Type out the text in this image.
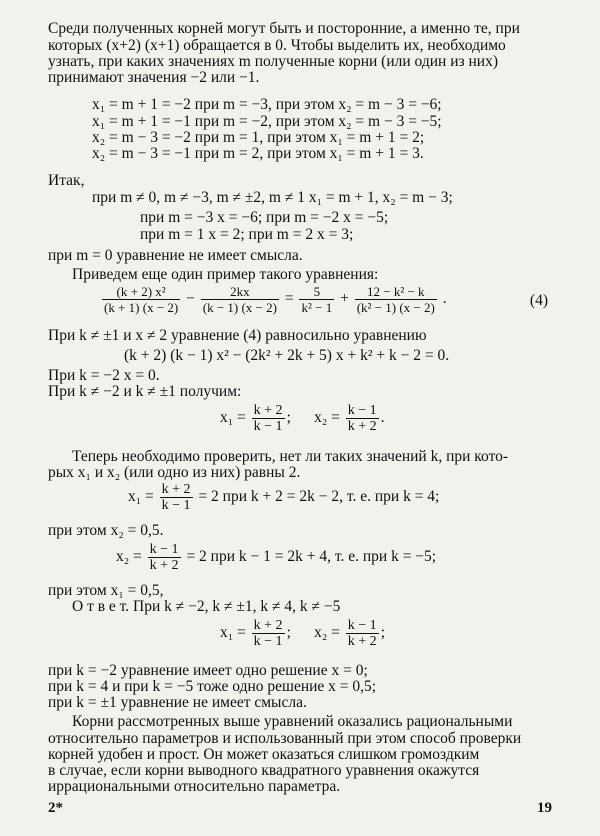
Среди полученных корней могут быть и посторонние, а именно те, при
которых (x+2) (x+1) обращается в 0. Чтобы выделить их, необходимо
узнать, при каких значениях m полученные корни (или один из них)
принимают значения −2 или −1.
x₁ = m + 1 = −2 при m = −3, при этом x₂ = m − 3 = −6;
x₁ = m + 1 = −1 при m = −2, при этом x₂ = m − 3 = −5;
x₂ = m − 3 = −2 при m = 1, при этом x₁ = m + 1 = 2;
x₂ = m − 3 = −1 при m = 2, при этом x₁ = m + 1 = 3.
Итак,
при m ≠ 0, m ≠ −3, m ≠ ±2, m ≠ 1 x₁ = m + 1, x₂ = m − 3;
при m = −3 x = −6; при m = −2 x = −5;
при m = 1 x = 2; при m = 2 x = 3;
при m = 0 уравнение не имеет смысла.
Приведем еще один пример такого уравнения:
$\frac{\text{(k + 2) x²}}{(k + 1) (x - 2)} - \frac{2kx}{(k - 1) (x - 2)} = \frac{5}{\text{k² − 1}} + \frac{\text{12 − k² − k}}{\text{(k² − 1) (x − 2)}}$ .	(4)
При k ≠ ±1 и x ≠ 2 уравнение (4) равносильно уравнению
(k + 2) (k − 1) x² − (2k² + 2k + 5) x + k² + k − 2 = 0.
При k = −2 x = 0.
При k ≠ −2 и k ≠ ±1 получим:
$x_1 = \frac{k + 2}{k - 1}$ ; $x_2 = \frac{k - 1}{k + 2}$ .
Теперь необходимо проверить, нет ли таких значений k, при кото-
рых x₁ и x₂ (или одно из них) равны 2.
$x_1 = \frac{k + 2}{k - 1} = 2$ при k + 2 = 2k − 2, т. е. при k = 4;
при этом x₂ = 0,5.
$x_2 = \frac{k - 1}{k + 2} = 2$ при k − 1 = 2k + 4, т. е. при k = −5;
при этом x₁ = 0,5,
О т в е т. При k ≠ −2, k ≠ ±1, k ≠ 4, k ≠ −5
$x_1 = \frac{k + 2}{k - 1}$ ; $x_2 = \frac{k - 1}{k + 2}$ ;
при k = −2 уравнение имеет одно решение x = 0;
при k = 4 и при k = −5 тоже одно решение x = 0,5;
при k = ±1 уравнение не имеет смысла.
Корни рассмотренных выше уравнений оказались рациональными
относительно параметров и использованный при этом способ проверки
корней удобен и прост. Он может оказаться слишком громоздким
в случае, если корни выводного квадратного уравнения окажутся
иррациональными относительно параметра.
2*	19
